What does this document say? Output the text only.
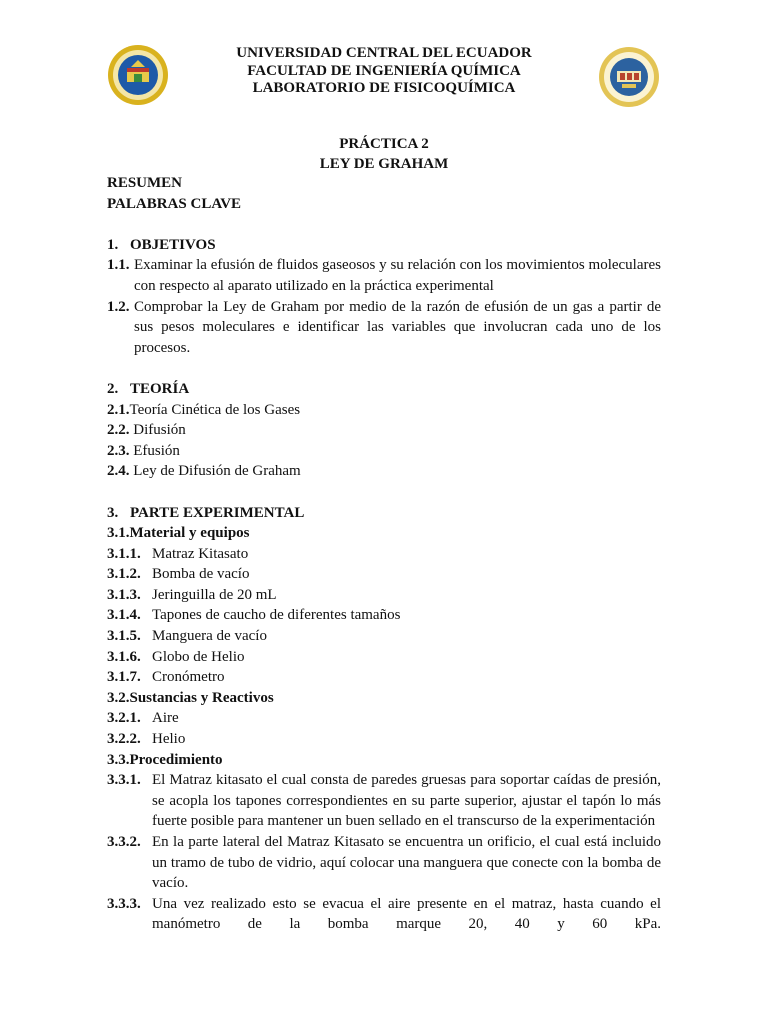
UNIVERSIDAD CENTRAL DEL ECUADOR
FACULTAD DE INGENIERÍA QUÍMICA
LABORATORIO DE FISICOQUÍMICA
PRÁCTICA 2
LEY DE GRAHAM
RESUMEN
PALABRAS CLAVE
1. OBJETIVOS
1.1. Examinar la efusión de fluidos gaseosos y su relación con los movimientos moleculares con respecto al aparato utilizado en la práctica experimental
1.2. Comprobar la Ley de Graham por medio de la razón de efusión de un gas a partir de sus pesos moleculares e identificar las variables que involucran cada uno de los procesos.
2. TEORÍA
2.1.Teoría Cinética de los Gases
2.2. Difusión
2.3. Efusión
2.4. Ley de Difusión de Graham
3. PARTE EXPERIMENTAL
3.1.Material y equipos
3.1.1. Matraz Kitasato
3.1.2. Bomba de vacío
3.1.3. Jeringuilla de 20 mL
3.1.4. Tapones de caucho de diferentes tamaños
3.1.5. Manguera de vacío
3.1.6. Globo de Helio
3.1.7. Cronómetro
3.2.Sustancias y Reactivos
3.2.1. Aire
3.2.2. Helio
3.3.Procedimiento
3.3.1. El Matraz kitasato el cual consta de paredes gruesas para soportar caídas de presión, se acopla los tapones correspondientes en su parte superior, ajustar el tapón lo más fuerte posible para mantener un buen sellado en el transcurso de la experimentación
3.3.2. En la parte lateral del Matraz Kitasato se encuentra un orificio, el cual está incluido un tramo de tubo de vidrio, aquí colocar una manguera que conecte con la bomba de vacío.
3.3.3. Una vez realizado esto se evacua el aire presente en el matraz, hasta cuando el manómetro de la bomba marque 20, 40 y 60 kPa.
